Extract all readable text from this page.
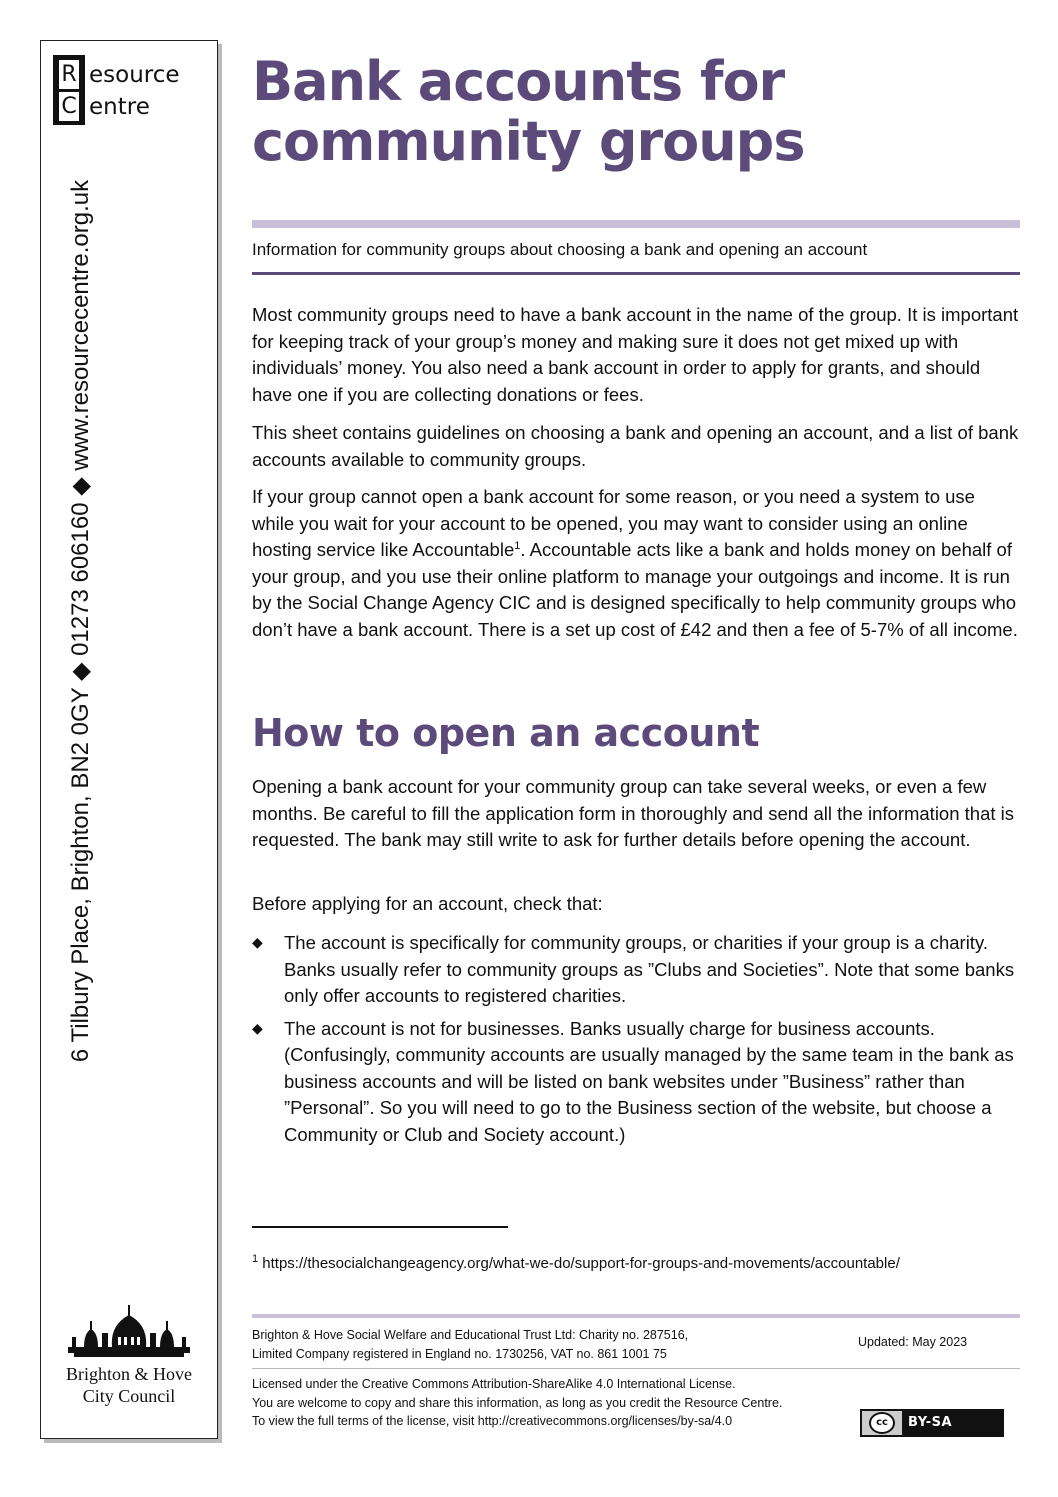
R
C
esource
entre
6 Tilbury Place, Brighton, BN2 0GY ◆ 01273 606160 ◆ www.resourcecentre.org.uk
Brighton & Hove
City Council
Bank accounts for community groups
Information for community groups about choosing a bank and opening an account

Most community groups need to have a bank account in the name of the group. It is important for keeping track of your group’s money and making sure it does not get mixed up with individuals’ money. You also need a bank account in order to apply for grants, and should have one if you are collecting donations or fees.

This sheet contains guidelines on choosing a bank and opening an account, and a list of bank accounts available to community groups.

If your group cannot open a bank account for some reason, or you need a system to use while you wait for your account to be opened, you may want to consider using an online hosting service like Accountable$^1$. Accountable acts like a bank and holds money on behalf of your group, and you use their online platform to manage your outgoings and income. It is run by the Social Change Agency CIC and is designed specifically to help community groups who don’t have a bank account. There is a set up cost of £42 and then a fee of 5-7% of all income.

How to open an account

Opening a bank account for your community group can take several weeks, or even a few months. Be careful to fill the application form in thoroughly and send all the information that is requested. The bank may still write to ask for further details before opening the account.

Before applying for an account, check that:

◆ The account is specifically for community groups, or charities if your group is a charity. Banks usually refer to community groups as ”Clubs and Societies”. Note that some banks only offer accounts to registered charities.
◆ The account is not for businesses. Banks usually charge for business accounts. (Confusingly, community accounts are usually managed by the same team in the bank as business accounts and will be listed on bank websites under ”Business” rather than ”Personal”. So you will need to go to the Business section of the website, but choose a Community or Club and Society account.)
$^1$ https://thesocialchangeagency.org/what-we-do/support-for-groups-and-movements/accountable/
Brighton & Hove Social Welfare and Educational Trust Ltd: Charity no. 287516,
Limited Company registered in England no. 1730256, VAT no. 861 1001 75
Updated: May 2023
Licensed under the Creative Commons Attribution-ShareAlike 4.0 International License.
You are welcome to copy and share this information, as long as you credit the Resource Centre.
To view the full terms of the license, visit http://creativecommons.org/licenses/by-sa/4.0	cc	BY-SA
